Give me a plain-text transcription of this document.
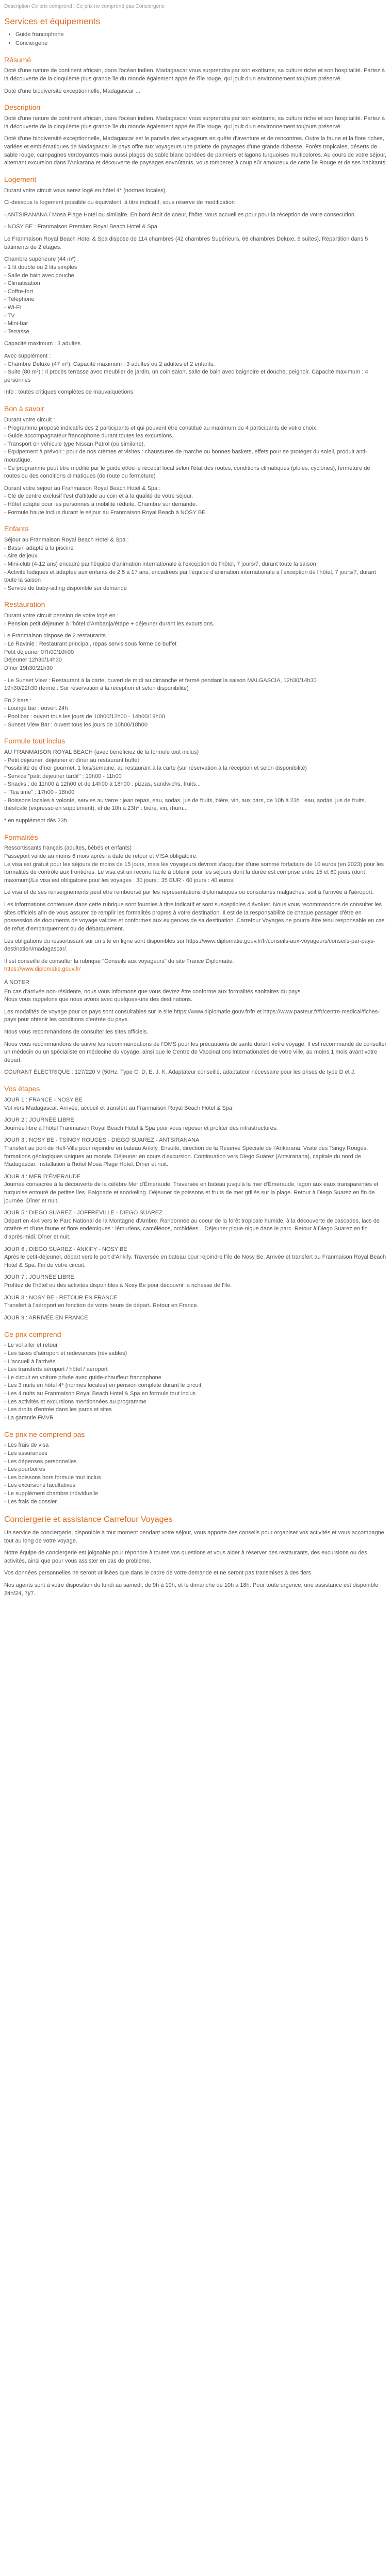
Description Ce prix comprend : Ce prix ne comprend pas Conciergerie
Services et équipements
• Guide francophone
• Conciergerie
Résumé

Doté d'une nature de continent africain, dans l'océan indien, Madagascar vous surprendra par son exotisme, sa culture riche et son hospitalité. Partez à la découverte de la cinquième plus grande île du monde également appelée l'île rouge, qui jouit d'un environnement toujours préservé.

Doté d'une biodiversité exceptionnelle, Madagascar ...

Description

Doté d'une nature de continent africain, dans l'océan indien, Madagascar vous surprendra par son exotisme, sa culture riche et son hospitalité. Partez à la découverte de la cinquième plus grande île du monde également appelée l'île rouge, qui jouit d'un environnement toujours préservé.

Doté d'une biodiversité exceptionnelle, Madagascar est le paradis des voyageurs en quête d'aventure et de rencontres. Outre la faune et la flore riches, variées et emblématiques de Madagascar, le pays offre aux voyageurs une palette de paysages d'une grande richesse. Forêts tropicales, déserts de sable rouge, campagnes verdoyantes mais aussi plages de sable blanc bordées de palmiers et lagons turquoises multicolores. Au cours de votre séjour, alternant excursion dans l'Ankarana et découverte de paysages envoûtants, vous tomberez à coup sûr amoureux de cette île Rouge et de ses habitants.

Logement

Durant votre circuit vous serez logé en hôtel 4* (normes locales).

Ci-dessous le logement possible ou équivalent, à titre indicatif, sous réserve de modification :

- ANTSIRANANA / Mosa Plage Hotel ou similaire. En bord étoit de coeur, l'hôtel vous accueilles pour pour la réception de votre consecution.

- NOSY BE : Franmaison Premium Royal Beach Hotel & Spa

Le Franmaison Royal Beach Hotel & Spa dispose de 114 chambres (42 chambres Supérieurs, 66 chambres Deluxe, 6 suites). Répartition dans 5 bâtiments de 2 étages.

Chambre supérieure (44 m²) :

- 1 lit double ou 2 lits simples
- Salle de bain avec douche
- Climatisation
- Coffre-fort
- Téléphone
- Wi-Fi
- TV
- Mini-bar
- Terrasse

Capacité maximum : 3 adultes

Avec supplément :

- Chambre Deluxe (47 m²). Capacité maximum : 3 adultes ou 2 adultes et 2 enfants.

- Suite (80 m²) : Il procès terrasse avec meublier de jardin, un coin salon, salle de bain avec baignoire et douche, peignoir. Capacité maximum : 4 personnes

Info : toutes critiques complètes de mauvaiquetions

Bon à savoir

Durant votre circuit :

- Programme proposé indicatifs des 2 participants et qui peuvent être constitué au maximum de 4 participants de votre choix.

- Guide accompagnateur francophone durant toutes les excursions.

- Transport en véhicule type Nissan Patrol (ou similaire).

- Equipement à prévoir : pour de nos crèmes et visites : chaussures de marche ou bonnes baskets, effets pour se protéger du soleil, produit anti-moustique.

- Ce programme peut être modifié par le guide et/ou le réceptif local selon l'état des routes, conditions climatiques (pluies, cyclones), fermeture de routes ou des conditions climatiques (de route ou fermeture)

Durant votre séjour au Franmaison Royal Beach Hotel & Spa :

- Clé de centre exclusif l'est d'altitude au coin et à la qualité de votre séjour.

- Hôtel adapté pour les personnes à mobilité réduite. Chambre sur demande.

- Formule haute inclus durant le séjour au Franmaison Royal Beach à NOSY BE.

Enfants

Séjour au Franmaison Royal Beach Hotel & Spa :

- Bassin adapté à la piscine
- Aire de jeux
- Mini-club (4-12 ans) encadré par l'équipe d'animation internationale à l'exception de l'hôtel, 7 jours/7, durant toute la saison
- Activité ludiques et adaptée aux enfants de 2,5 à 17 ans, encadrées par l'équipe d'animation internationale à l'exception de l'hôtel, 7 jours/7, durant toute la saison
- Service de baby-sitting disponible sur demande
Restauration

Durant votre circuit pension de votre logé en :

- Pension petit déjeuner à l'hôtel d'Ambanja/étape + déjeuner durant les excursions.

Le Franmaison dispose de 2 restaurants :

- Le Ravinie : Restaurant principal, repas servis sous forme de buffet

Petit déjeuner 07h00/10h00

Déjeuner 12h30/14h30

Dîner 19h30/21h30

- Le Sunset View : Restaurant à la carte, ouvert de midi au dimanche et fermé pendant la saison MALGASCIA, 12h30/14h30

19h30/22h30 (fermé : Sur réservation à la réception et selon disponibilité)

En 2 bars :

- Lounge bar : ouvert 24h

- Pool bar : ouvert tous les jours de 10h00/12h00 - 14h00/19h00

- Sunset View Bar : ouvert tous les jours de 10h00/18h00

Formule tout inclus

AU FRANMAISON ROYAL BEACH (avec bénéficiez de la formule tout inclus)

- Petit déjeuner, déjeuner et dîner au restaurant buffet

Possibilité de dîner gourmet, 1 fois/semaine, au restaurant à la carte (sur réservation à la réception et selon disponibilité)

- Service "petit déjeuner tardif" : 10h00 - 11h00

- Snacks : de 11h00 à 12h00 et de 14h00 à 18h00 : pizzas, sandwichs, fruits...

- "Tea time" : 17h00 - 18h00

- Boissons locales à volonté, servies au verre : jean repas, eau, sodas, jus de fruits, bière, vin, aux bars, de 10h à 23h : eau, sodas, jus de fruits, thés/café (expresso en supplément), et de 10h à 23h* : bière, vin, rhum...

* en supplément dès 23h.

Formalités

Ressortissants français (adultes, bébés et enfants) :

Passeport valide au moins 6 mois après la date de retour et VISA obligatoire.

Le visa est gratuit pour les séjours de moins de 15 jours, mais les voyageurs devront s'acquitter d'une somme forfaitaire de 10 euros (en 2023) pour les formalités de contrôle aux frontières. Le visa est un reconu facile à obtenir pour les séjours dont la durée est comprise entre 15 et 60 jours (dont maximum)/Le visa est obligatoire pour les voyages : 30 jours : 35 EUR - 60 jours : 40 euros.

Le visa et de ses renseignements peut être remboursé par les représentations diplomatiques ou consulaires malgaches, soit à l'arrivée à l'aéroport.

Les informations contenues dans cette rubrique sont fournies à titre indicatif et sont susceptibles d'évoluer. Nous vous recommandons de consulter les sites officiels afin de vous assurer de remplir les formalités propres à votre destination. Il est de la responsabilité de chaque passager d'être en possession de documents de voyage valides et conformes aux exigences de sa destination. Carrefour Voyages ne pourra être tenu responsable en cas de refus d'embarquement ou de débarquement.

Les obligations du ressortissant sur un site en ligne sont disponibles sur https://www.diplomatie.gouv.fr/fr/conseils-aux-voyageurs/conseils-par-pays-destination/madagascar/.

Il est conseillé de consulter la rubrique "Conseils aux voyageurs" du site France Diplomatie.

https://www.diplomatie.gouv.fr/

À NOTER

En cas d'arrivée non-résidente, nous vous informons que vous devrez être conforme aux formalités sanitaires du pays.

Nous vous rappelons que nous avons avec quelques-uns des destinations.

Les modalités de voyage pour ce pays sont consultables sur le site https://www.diplomatie.gouv.fr/fr/ et https://www.pasteur.fr/fr/centre-medical/fiches-pays pour obtenir les conditions d'entrée du pays.

Nous vous recommandons de consulter les sites officiels.

Nous vous recommandons de suivre les recommandations de l'OMS pour les précautions de santé durant votre voyage. Il est recommandé de consulter un médecin ou un spécialiste en médecine du voyage, ainsi que le Centre de Vaccinations Internationales de votre ville, au moins 1 mois avant votre départ.

COURANT ÉLECTRIQUE : 127/220 V (50Hz. Type C, D, E, J, K. Adaptateur conseillé, adaptateur nécessaire pour les prises de type D et J.

Vos étapes

JOUR 1 : FRANCE - NOSY BE

Vol vers Madagascar. Arrivée, accueil et transfert au Franmaison Royal Beach Hotel & Spa.

JOUR 2 : JOURNÉE LIBRE

Journée libre à l'hôtel Franmaison Royal Beach Hotel & Spa pour vous reposer et profiter des infrastructures.

JOUR 3 : NOSY BE - TSINGY ROUGES - DIEGO SUAREZ - ANTSIRANANA

Transfert au port de Hell-Ville pour rejoindre en bateau Ankify. Ensuite, direction de la Réserve Spéciale de l'Ankarana. Visite des Tsingy Rouges, formations géologiques uniques au monde. Déjeuner en cours d'excursion. Continuation vers Diego Suarez (Antsiranana), capitale du nord de Madagascar. Installation à l'hôtel Mosa Plage Hotel. Dîner et nuit.

JOUR 4 : MER D'ÉMERAUDE

Journée consacrée à la découverte de la célèbre Mer d'Émeraude. Traversée en bateau jusqu'à la mer d'Émeraude, lagon aux eaux transparentes et turquoise entouré de petites îles. Baignade et snorkeling. Déjeuner de poissons et fruits de mer grillés sur la plage. Retour à Diego Suarez en fin de journée. Dîner et nuit.

JOUR 5 : DIEGO SUAREZ - JOFFREVILLE - DIEGO SUAREZ

Départ en 4x4 vers le Parc National de la Montagne d'Ambre. Randonnée au coeur de la forêt tropicale humide, à la découverte de cascades, lacs de cratère et d'une faune et flore endémiques : lémuriens, caméléons, orchidées... Déjeuner pique-nique dans le parc. Retour à Diego Suarez en fin d'après-midi. Dîner et nuit.

JOUR 6 : DIEGO SUAREZ - ANKIFY - NOSY BE

Après le petit-déjeuner, départ vers le port d'Ankify. Traversée en bateau pour rejoindre l'île de Nosy Be. Arrivée et transfert au Franmaison Royal Beach Hotel & Spa. Fin de votre circuit.

JOUR 7 : JOURNÉE LIBRE

Profitez de l'hôtel ou des activités disponibles à Nosy Be pour découvrir la richesse de l'île.

JOUR 8 : NOSY BE - RETOUR EN FRANCE

Transfert à l'aéroport en fonction de votre heure de départ. Retour en France.

JOUR 9 : ARRIVÉE EN FRANCE

Ce prix comprend
- Le vol aller et retour
- Les taxes d'aéroport et redevances (révisables)
- L'accueil à l'arrivée
- Les transferts aéroport / hôtel / aéroport
- Le circuit en voiture privée avec guide-chauffeur francophone
- Les 3 nuits en hôtel 4* (normes locales) en pension complète durant le circuit
- Les 4 nuits au Franmaison Royal Beach Hotel & Spa en formule tout inclus
- Les activités et excursions mentionnées au programme
- Les droits d'entrée dans les parcs et sites
- La garantie FMVR
Ce prix ne comprend pas
- Les frais de visa
- Les assurances
- Les dépenses personnelles
- Les pourboires
- Les boissons hors formule tout inclus
- Les excursions facultatives
- Le supplément chambre individuelle
- Les frais de dossier
Conciergerie et assistance Carrefour Voyages

Un service de conciergerie, disponible à tout moment pendant votre séjour, vous apporte des conseils pour organiser vos activités et vous accompagne tout au long de votre voyage.

Notre équipe de conciergerie est joignable pour répondre à toutes vos questions et vous aider à réserver des restaurants, des excursions ou des activités, ainsi que pour vous assister en cas de problème.

Vos données personnelles ne seront utilisées que dans le cadre de votre demande et ne seront pas transmises à des tiers.

Nos agents sont à votre disposition du lundi au samedi, de 9h à 19h, et le dimanche de 10h à 18h. Pour toute urgence, une assistance est disponible 24h/24, 7j/7.
